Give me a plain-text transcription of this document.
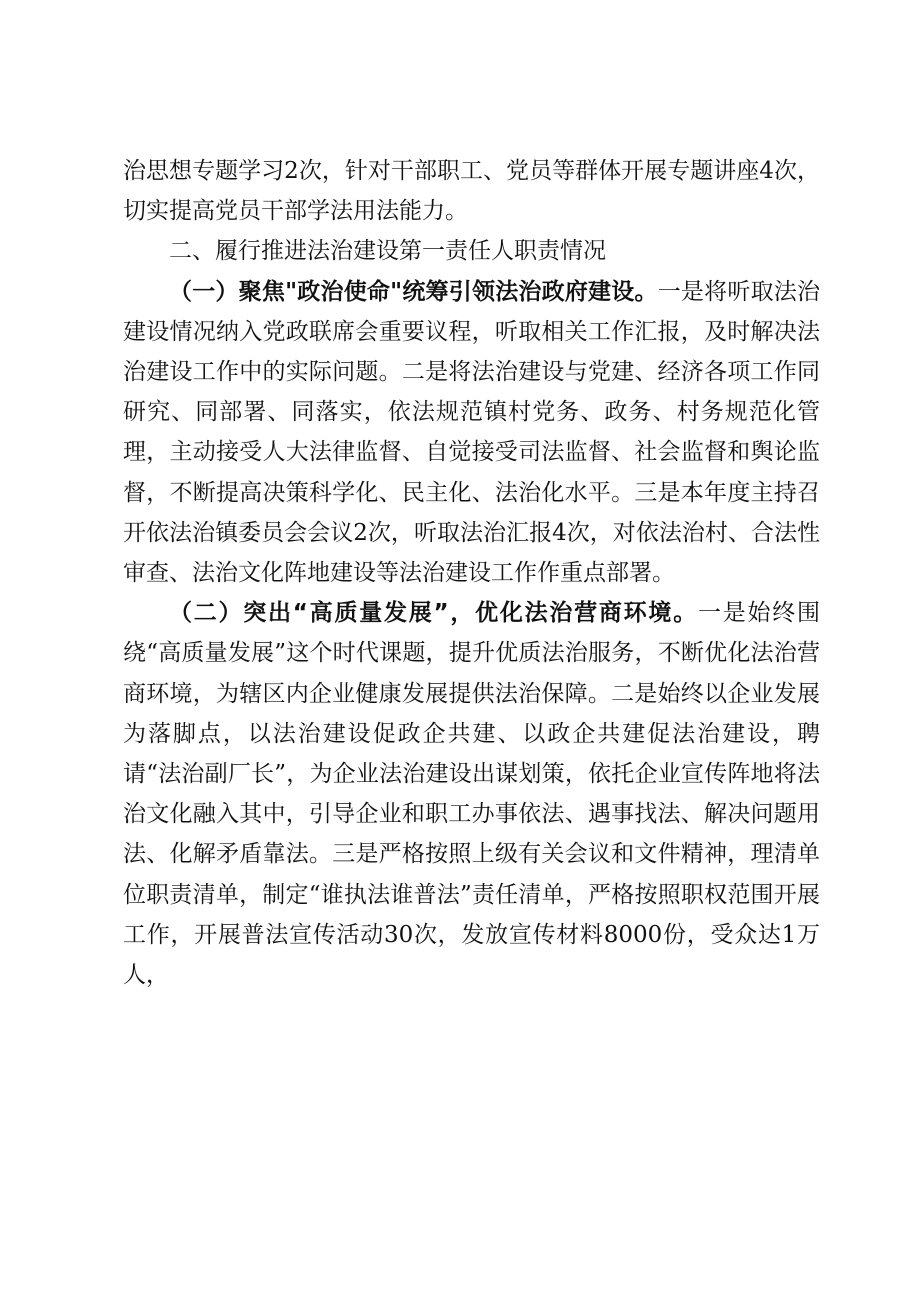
治思想专题学习2次，针对干部职工、党员等群体开展专题讲座4次，切实提高党员干部学法用法能力。

二、履行推进法治建设第一责任人职责情况

（一）聚焦"政治使命"统筹引领法治政府建设。一是将听取法治建设情况纳入党政联席会重要议程，听取相关工作汇报，及时解决法治建设工作中的实际问题。二是将法治建设与党建、经济各项工作同研究、同部署、同落实，依法规范镇村党务、政务、村务规范化管理，主动接受人大法律监督、自觉接受司法监督、社会监督和舆论监督，不断提高决策科学化、民主化、法治化水平。三是本年度主持召开依法治镇委员会会议2次，听取法治汇报4次，对依法治村、合法性审查、法治文化阵地建设等法治建设工作作重点部署。

（二）突出“高质量发展”，优化法治营商环境。一是始终围绕“高质量发展”这个时代课题，提升优质法治服务，不断优化法治营商环境，为辖区内企业健康发展提供法治保障。二是始终以企业发展为落脚点，以法治建设促政企共建、以政企共建促法治建设，聘请“法治副厂长”，为企业法治建设出谋划策，依托企业宣传阵地将法治文化融入其中，引导企业和职工办事依法、遇事找法、解决问题用法、化解矛盾靠法。三是严格按照上级有关会议和文件精神，理清单位职责清单，制定“谁执法谁普法”责任清单，严格按照职权范围开展工作，开展普法宣传活动30次，发放宣传材料8000份，受众达1万人，
